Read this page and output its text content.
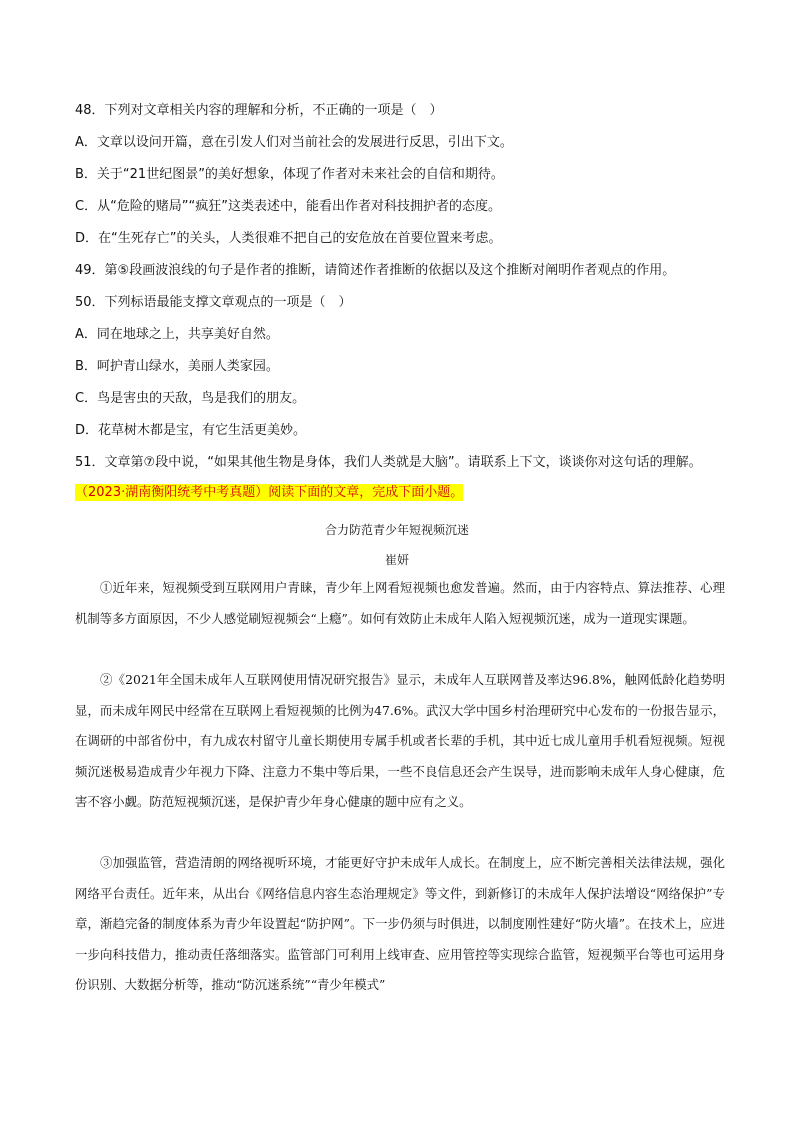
48．下列对文章相关内容的理解和分析，不正确的一项是（　）
A．文章以设问开篇，意在引发人们对当前社会的发展进行反思，引出下文。
B．关于“21世纪图景”的美好想象，体现了作者对未来社会的自信和期待。
C．从“危险的赌局”“疯狂”这类表述中，能看出作者对科技拥护者的态度。
D．在“生死存亡”的关头，人类很难不把自己的安危放在首要位置来考虑。
49．第⑤段画波浪线的句子是作者的推断，请简述作者推断的依据以及这个推断对阐明作者观点的作用。
50．下列标语最能支撑文章观点的一项是（　）
A．同在地球之上，共享美好自然。
B．呵护青山绿水，美丽人类家园。
C．鸟是害虫的天敌，鸟是我们的朋友。
D．花草树木都是宝，有它生活更美妙。
51．文章第⑦段中说，“如果其他生物是身体，我们人类就是大脑”。请联系上下文，谈谈你对这句话的理解。
（2023·湖南衡阳统考中考真题）阅读下面的文章，完成下面小题。
合力防范青少年短视频沉迷
崔妍

①近年来，短视频受到互联网用户青睐，青少年上网看短视频也愈发普遍。然而，由于内容特点、算法推荐、心理机制等多方面原因，不少人感觉刷短视频会“上瘾”。如何有效防止未成年人陷入短视频沉迷，成为一道现实课题。

②《2021年全国未成年人互联网使用情况研究报告》显示，未成年人互联网普及率达96.8%，触网低龄化趋势明显，而未成年网民中经常在互联网上看短视频的比例为47.6%。武汉大学中国乡村治理研究中心发布的一份报告显示，在调研的中部省份中，有九成农村留守儿童长期使用专属手机或者长辈的手机，其中近七成儿童用手机看短视频。短视频沉迷极易造成青少年视力下降、注意力不集中等后果，一些不良信息还会产生误导，进而影响未成年人身心健康，危害不容小觑。防范短视频沉迷，是保护青少年身心健康的题中应有之义。

③加强监管，营造清朗的网络视听环境，才能更好守护未成年人成长。在制度上，应不断完善相关法律法规，强化网络平台责任。近年来，从出台《网络信息内容生态治理规定》等文件，到新修订的未成年人保护法增设“网络保护”专章，渐趋完备的制度体系为青少年设置起“防护网”。下一步仍须与时俱进，以制度刚性建好“防火墙”。在技术上，应进一步向科技借力，推动责任落细落实。监管部门可利用上线审查、应用管控等实现综合监管，短视频平台等也可运用身份识别、大数据分析等，推动“防沉迷系统”“青少年模式”
